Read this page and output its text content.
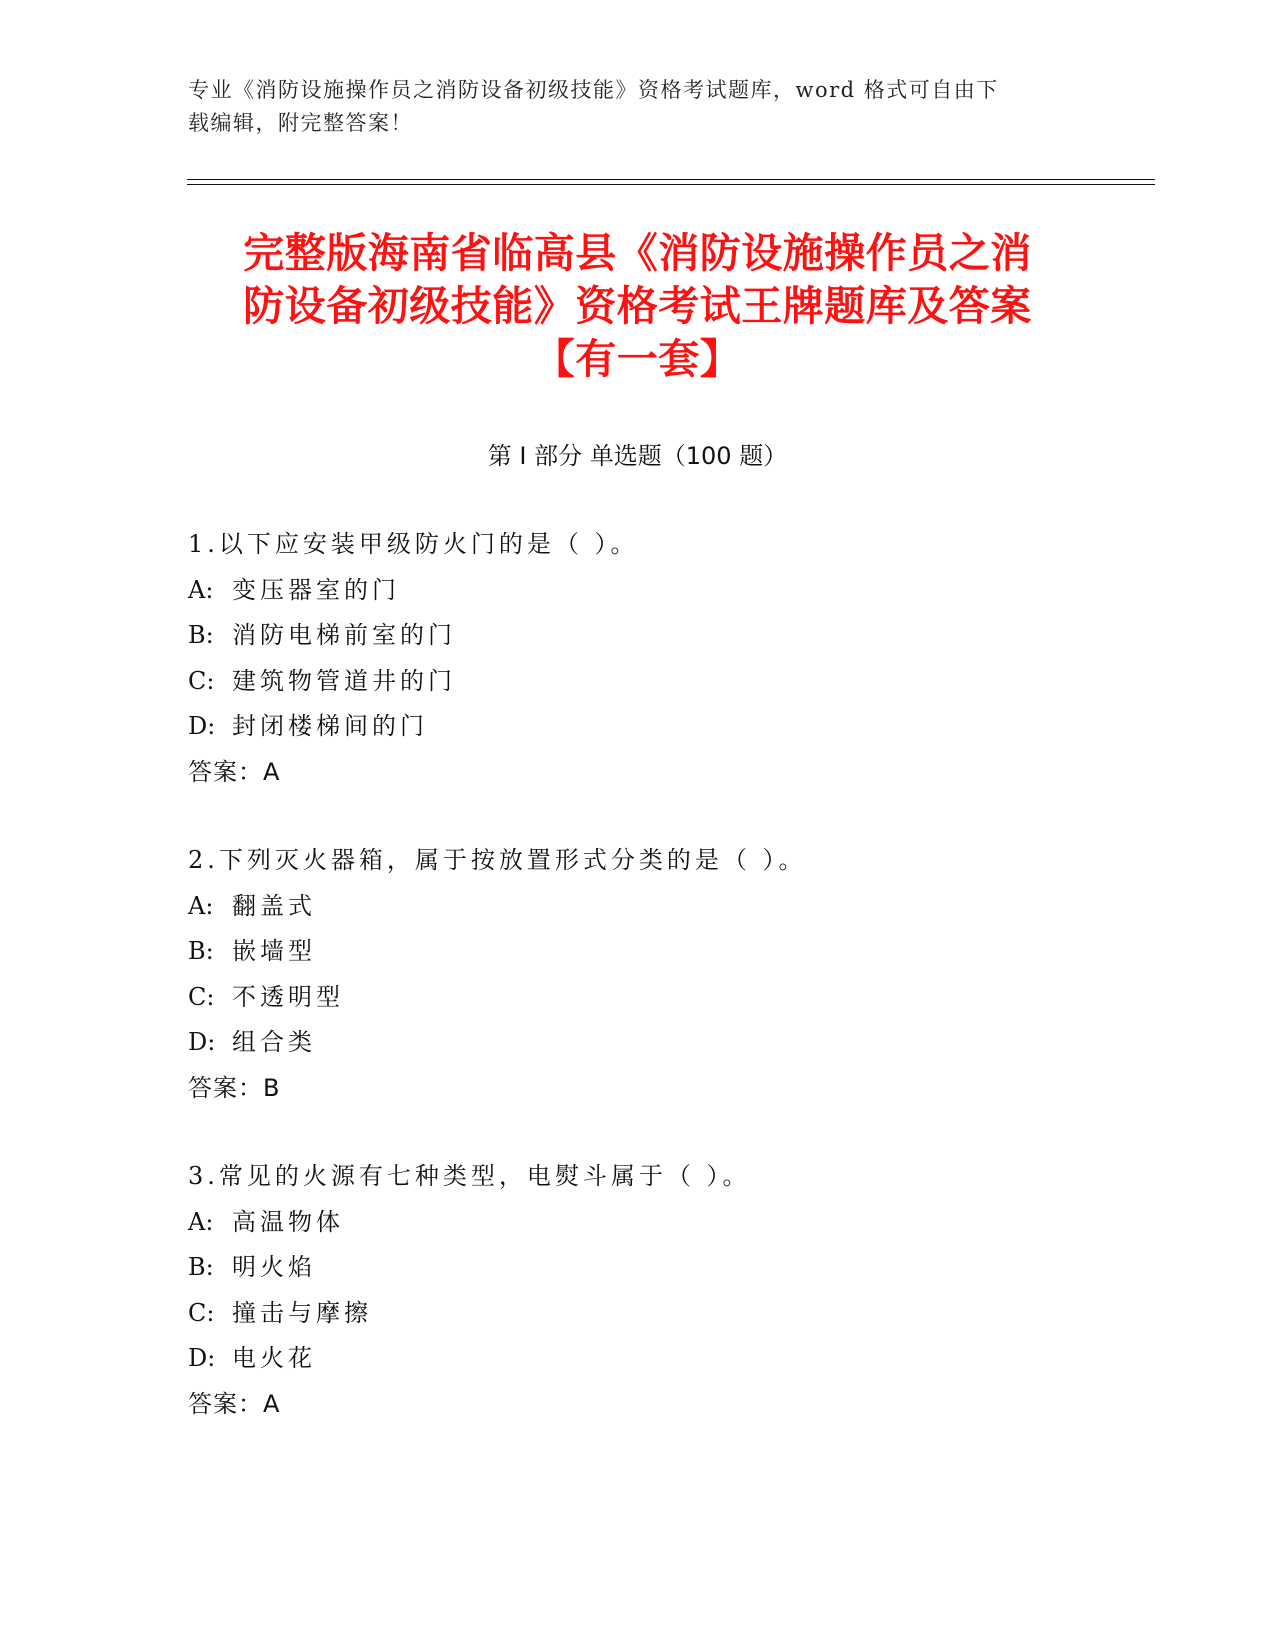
专业《消防设施操作员之消防设备初级技能》资格考试题库，word 格式可自由下
载编辑，附完整答案！
完整版海南省临高县《消防设施操作员之消
防设备初级技能》资格考试王牌题库及答案
【有一套】
第 I 部分 单选题（100 题）
1.以下应安装甲级防火门的是（ ）。
A: 变压器室的门
B: 消防电梯前室的门
C: 建筑物管道井的门
D: 封闭楼梯间的门
答案：A
2.下列灭火器箱，属于按放置形式分类的是（ ）。
A: 翻盖式
B: 嵌墙型
C: 不透明型
D: 组合类
答案：B
3.常见的火源有七种类型，电熨斗属于（ ）。
A: 高温物体
B: 明火焰
C: 撞击与摩擦
D: 电火花
答案：A
